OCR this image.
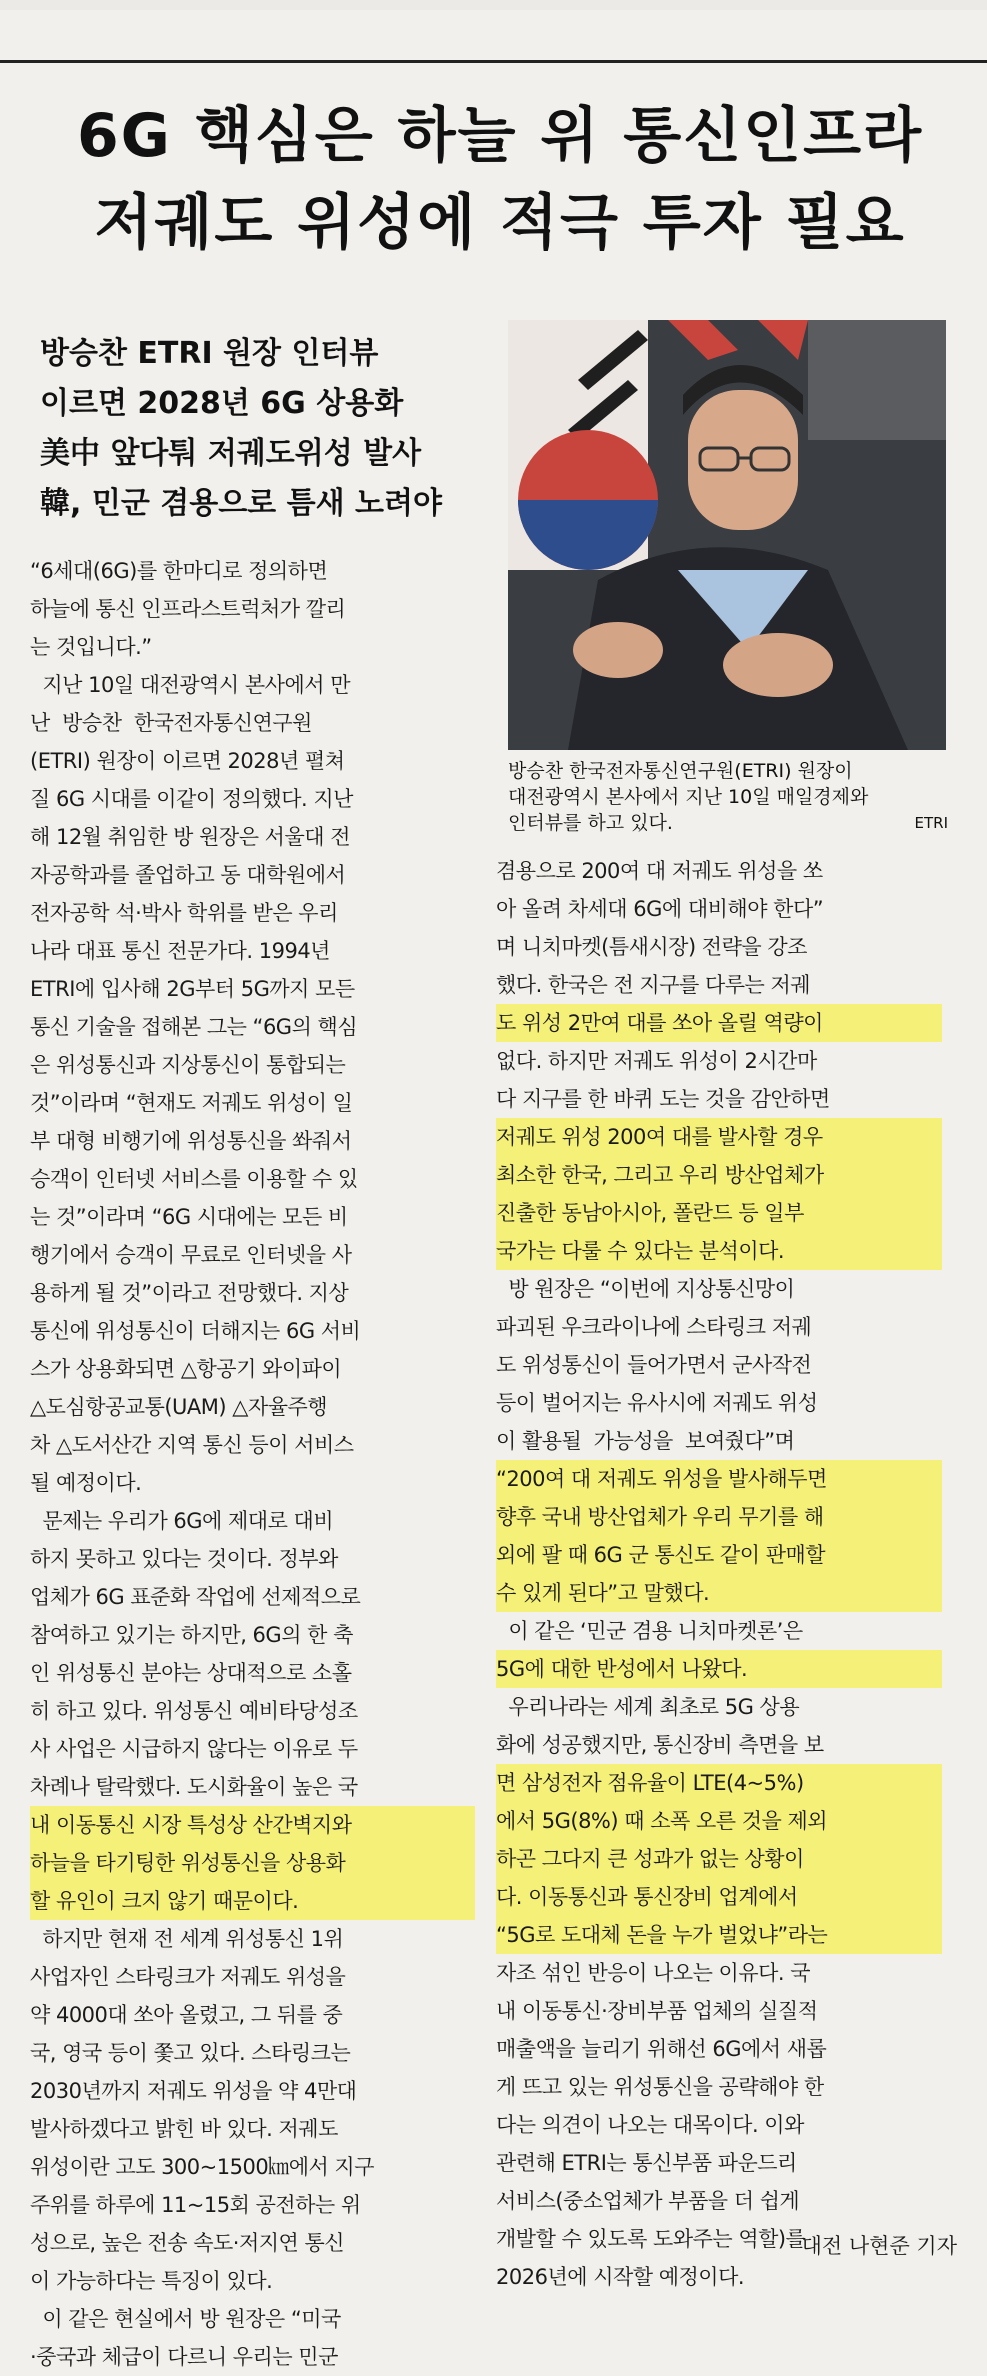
6G 핵심은 하늘 위 통신인프라
저궤도 위성에 적극 투자 필요
방승찬 ETRI 원장 인터뷰
이르면 2028년 6G 상용화
美中 앞다퉈 저궤도위성 발사
韓, 민군 겸용으로 틈새 노려야
방승찬 한국전자통신연구원(ETRI) 원장이
대전광역시 본사에서 지난 10일 매일경제와
인터뷰를 하고 있다.	ETRI

“6세대(6G)를 한마디로 정의하면

하늘에 통신 인프라스트럭처가 깔리

는 것입니다.”

지난 10일 대전광역시 본사에서 만

난  방승찬  한국전자통신연구원

(ETRI) 원장이 이르면 2028년 펼쳐

질 6G 시대를 이같이 정의했다. 지난

해 12월 취임한 방 원장은 서울대 전

자공학과를 졸업하고 동 대학원에서

전자공학 석·박사 학위를 받은 우리

나라 대표 통신 전문가다. 1994년

ETRI에 입사해 2G부터 5G까지 모든

통신 기술을 접해본 그는 “6G의 핵심

은 위성통신과 지상통신이 통합되는

것”이라며 “현재도 저궤도 위성이 일

부 대형 비행기에 위성통신을 쏴줘서

승객이 인터넷 서비스를 이용할 수 있

는 것”이라며 “6G 시대에는 모든 비

행기에서 승객이 무료로 인터넷을 사

용하게 될 것”이라고 전망했다. 지상

통신에 위성통신이 더해지는 6G 서비

스가 상용화되면 △항공기 와이파이

△도심항공교통(UAM) △자율주행

차 △도서산간 지역 통신 등이 서비스

될 예정이다.

문제는 우리가 6G에 제대로 대비

하지 못하고 있다는 것이다. 정부와

업체가 6G 표준화 작업에 선제적으로

참여하고 있기는 하지만, 6G의 한 축

인 위성통신 분야는 상대적으로 소홀

히 하고 있다. 위성통신 예비타당성조

사 사업은 시급하지 않다는 이유로 두

차례나 탈락했다. 도시화율이 높은 국

내 이동통신 시장 특성상 산간벽지와

하늘을 타기팅한 위성통신을 상용화

할 유인이 크지 않기 때문이다.

하지만 현재 전 세계 위성통신 1위

사업자인 스타링크가 저궤도 위성을

약 4000대 쏘아 올렸고, 그 뒤를 중

국, 영국 등이 쫓고 있다. 스타링크는

2030년까지 저궤도 위성을 약 4만대

발사하겠다고 밝힌 바 있다. 저궤도

위성이란 고도 300~1500㎞에서 지구

주위를 하루에 11~15회 공전하는 위

성으로, 높은 전송 속도·저지연 통신

이 가능하다는 특징이 있다.

이 같은 현실에서 방 원장은 “미국

·중국과 체급이 다르니 우리는 민군

겸용으로 200여 대 저궤도 위성을 쏘

아 올려 차세대 6G에 대비해야 한다”

며 니치마켓(틈새시장) 전략을 강조

했다. 한국은 전 지구를 다루는 저궤

도 위성 2만여 대를 쏘아 올릴 역량이

없다. 하지만 저궤도 위성이 2시간마

다 지구를 한 바퀴 도는 것을 감안하면

저궤도 위성 200여 대를 발사할 경우

최소한 한국, 그리고 우리 방산업체가

진출한 동남아시아, 폴란드 등 일부

국가는 다룰 수 있다는 분석이다.

방 원장은 “이번에 지상통신망이

파괴된 우크라이나에 스타링크 저궤

도 위성통신이 들어가면서 군사작전

등이 벌어지는 유사시에 저궤도 위성

이 활용될  가능성을  보여줬다”며

“200여 대 저궤도 위성을 발사해두면

향후 국내 방산업체가 우리 무기를 해

외에 팔 때 6G 군 통신도 같이 판매할

수 있게 된다”고 말했다.

이 같은 ‘민군 겸용 니치마켓론’은

5G에 대한 반성에서 나왔다.

우리나라는 세계 최초로 5G 상용

화에 성공했지만, 통신장비 측면을 보

면 삼성전자 점유율이 LTE(4~5%)

에서 5G(8%) 때 소폭 오른 것을 제외

하곤 그다지 큰 성과가 없는 상황이

다. 이동통신과 통신장비 업계에서

“5G로 도대체 돈을 누가 벌었냐”라는

자조 섞인 반응이 나오는 이유다. 국

내 이동통신·장비부품 업체의 실질적

매출액을 늘리기 위해선 6G에서 새롭

게 뜨고 있는 위성통신을 공략해야 한

다는 의견이 나오는 대목이다. 이와

관련해 ETRI는 통신부품 파운드리

서비스(중소업체가 부품을 더 쉽게

개발할 수 있도록 도와주는 역할)를

2026년에 시작할 예정이다.

대전 나현준 기자
